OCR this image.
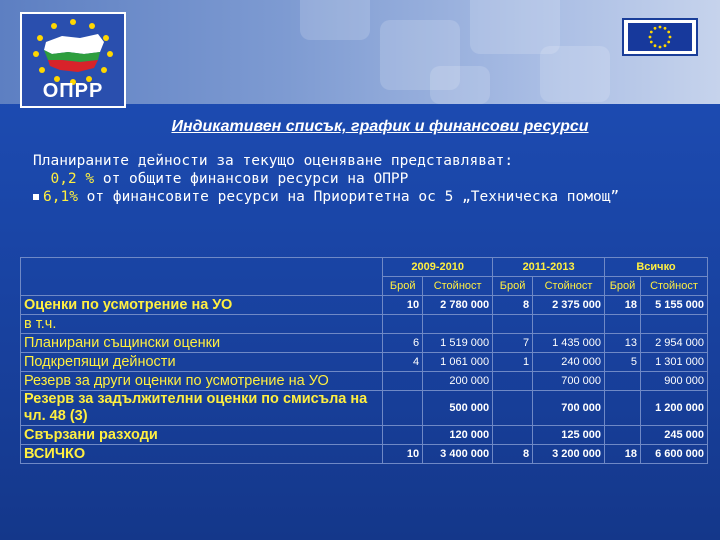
ОПРР
Индикативен списък, график и финансови ресурси
Планираните дейности за текущо оценяване представляват:
0,2 % от общите финансови ресурси на ОПРР
6,1% от финансовите ресурси на Приоритетна ос 5 „Техническа помощ”
	2009-2010		2011-2013		Всичко	
	Брой	Стойност	Брой	Стойност	Брой	Стойност
Оценки по усмотрение на УО	10	2 780 000	8	2 375 000	18	5 155 000
в т.ч.						
Планирани същински оценки	6	1 519 000	7	1 435 000	13	2 954 000
Подкрепящи дейности	4	1 061 000	1	240 000	5	1 301 000
Резерв за други оценки по усмотрение на УО		200 000		700 000		900 000
Резерв за задължителни оценки по смисъла на чл. 48 (3)		500 000		700 000		1 200 000
Свързани разходи		120 000		125 000		245 000
ВСИЧКО	10	3 400 000	8	3 200 000	18	6 600 000
